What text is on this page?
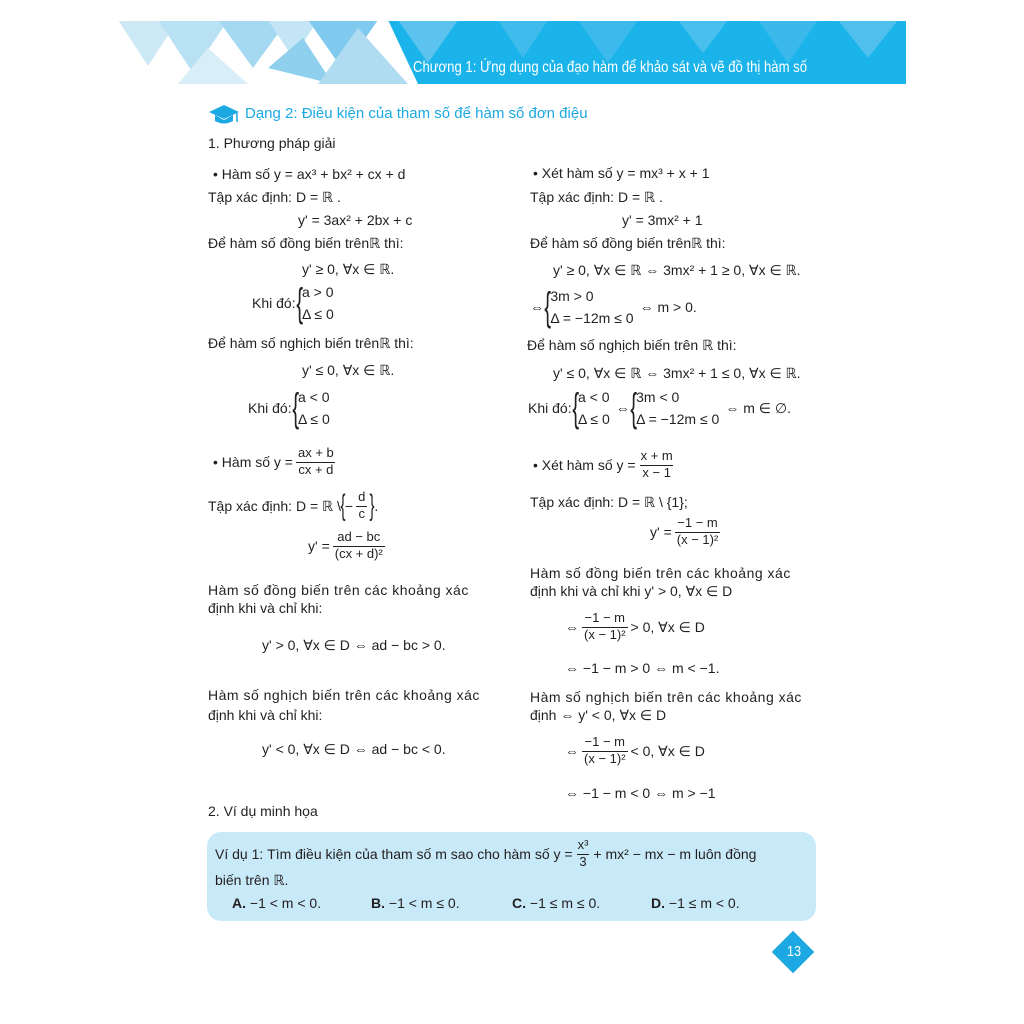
Chương 1: Ứng dụng của đạo hàm để khảo sát và vẽ đồ thị hàm số
Dạng 2: Điều kiện của tham số để hàm số đơn điệu
1. Phương pháp giải
• Hàm số y = ax³ + bx² + cx + d
Tập xác định: D = ℝ .
y' = 3ax² + 2bx + c
Để hàm số đồng biến trênℝ thì:
y' ≥ 0, ∀x ∈ ℝ.
Khi đó: { a > 0
Δ ≤ 0
Để hàm số nghịch biến trênℝ thì:
y' ≤ 0, ∀x ∈ ℝ.
Khi đó: { a < 0
Δ ≤ 0
• Hàm số $y = \frac{ax + b}{cx + d}$
Tập xác định: D = ℝ \ { − $\frac{d}{c}$ } .
$y' = \frac{ad - bc}{\text{(cx + d)²}}$
Hàm số đồng biến trên các khoảng xác
định khi và chỉ khi:
y' > 0, ∀x ∈ D ⇔ ad − bc > 0.
Hàm số nghịch biến trên các khoảng xác
định khi và chỉ khi:
y' < 0, ∀x ∈ D ⇔ ad − bc < 0.
• Xét hàm số y = mx³ + x + 1
Tập xác định: D = ℝ .
y' = 3mx² + 1
Để hàm số đồng biến trênℝ thì:
y' ≥ 0, ∀x ∈ ℝ ⇔ 3mx² + 1 ≥ 0, ∀x ∈ ℝ.
⇔ { 3m > 0
Δ = −12m ≤ 0
⇔ m > 0.
Để hàm số nghịch biến trên ℝ thì:
y' ≤ 0, ∀x ∈ ℝ ⇔ 3mx² + 1 ≤ 0, ∀x ∈ ℝ.
Khi đó: { a < 0
Δ ≤ 0
⇔ { 3m < 0
Δ = −12m ≤ 0
⇔ m ∈ ∅.
• Xét hàm số $y = \frac{x + m}{x - 1}$
Tập xác định: D = ℝ \ {1};
$y' = \frac{-1 - m}{\text{(x − 1)²}}$
Hàm số đồng biến trên các khoảng xác
định khi và chỉ khi y' > 0, ∀x ∈ D
⇔ $\frac{-1 - m}{\text{(x − 1)²}} > 0$, ∀x ∈ D
⇔ −1 − m > 0 ⇔ m < −1.
Hàm số nghịch biến trên các khoảng xác
định ⇔ y' < 0, ∀x ∈ D
⇔ $\frac{-1 - m}{\text{(x − 1)²}} < 0$, ∀x ∈ D
⇔ −1 − m < 0 ⇔ m > −1
2. Ví dụ minh họa
Ví dụ 1:
Tìm điều kiện của tham số m sao cho hàm số $y = \frac{\text{x³}}{3} + mx^2$ − mx − m luôn đồng
biến trên ℝ.
A. −1 < m < 0.	B. −1 < m ≤ 0.	C. −1 ≤ m ≤ 0.	D. −1 ≤ m < 0.
13
